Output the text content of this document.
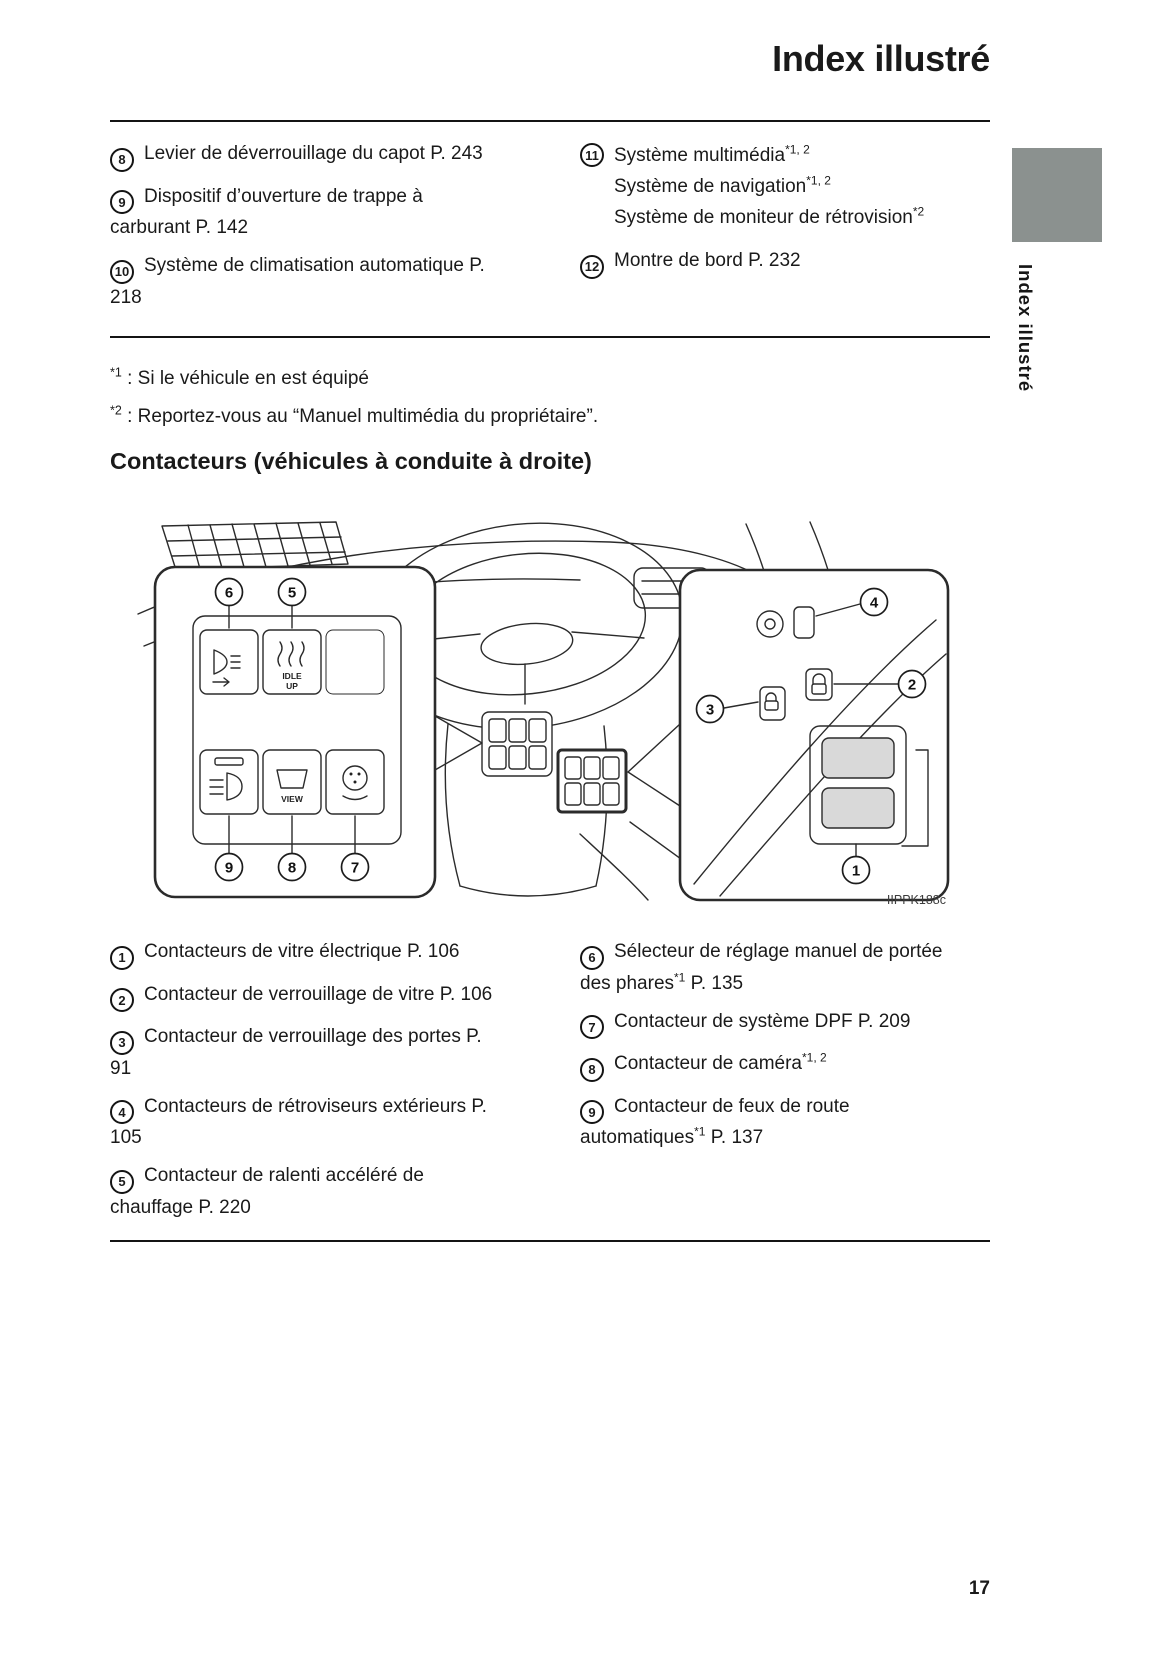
Index illustré
Index illustré

8 Levier de déverrouillage du capot P. 243

9 Dispositif d’ouverture de trappe à carburant P. 142

10 Système de climatisation automatique P. 218

11 Système multimédia$^{*1, 2}$
Système de navigation$^{*1, 2}$
Système de moniteur de rétrovision$^{*2}$

12 Montre de bord P. 232

$^{*1}$ : Si le véhicule en est équipé

$^{*2}$ : Reportez-vous au “Manuel multimédia du propriétaire”.

Contacteurs (véhicules à conduite à droite)
IDLE
UP
VIEW
6	5
9	8	7
4
2
3
1
IIPPK188c

1 Contacteurs de vitre électrique P. 106

2 Contacteur de verrouillage de vitre P. 106

3 Contacteur de verrouillage des portes P. 91

4 Contacteurs de rétroviseurs extérieurs P. 105

5 Contacteur de ralenti accéléré de chauffage P. 220

6 Sélecteur de réglage manuel de portée des phares$^{*1}$ P. 135

7 Contacteur de système DPF P. 209

8 Contacteur de caméra$^{*1, 2}$

9 Contacteur de feux de route automatiques$^{*1}$ P. 137

17
